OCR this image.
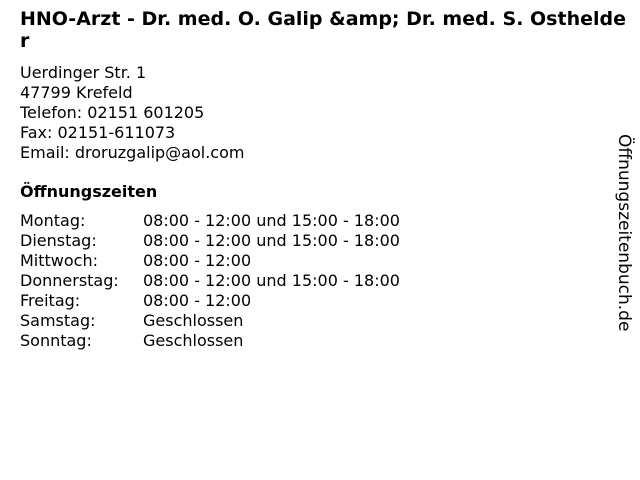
HNO-Arzt - Dr. med. O. Galip &amp; Dr. med. S. Osthelder
Uerdinger Str. 1
47799 Krefeld
Telefon: 02151 601205
Fax: 02151-611073
Email: droruzgalip@aol.com
Öffnungszeiten
Montag:	08:00 - 12:00 und 15:00 - 18:00
Dienstag:	08:00 - 12:00 und 15:00 - 18:00
Mittwoch:	08:00 - 12:00
Donnerstag:	08:00 - 12:00 und 15:00 - 18:00
Freitag:	08:00 - 12:00
Samstag:	Geschlossen
Sonntag:	Geschlossen
Öffnungszeitenbuch.de
